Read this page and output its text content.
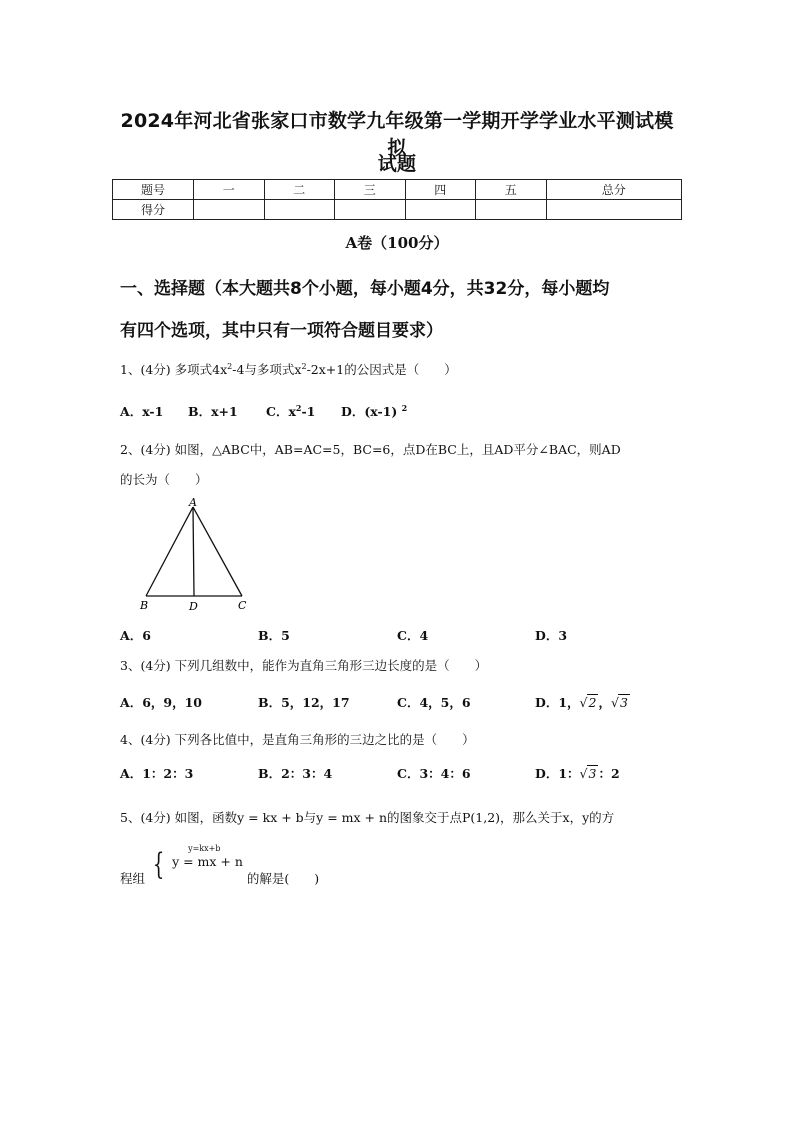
2024年河北省张家口市数学九年级第一学期开学学业水平测试模拟
试题
题号	一	二	三	四	五	总分
得分						
A卷（100分）
一、选择题（本大题共8个小题，每小题4分，共32分，每小题均
有四个选项，其中只有一项符合题目要求）
1、(4分) 多项式$4x^2-4$与多项式$x^2-2x+1$的公因式是（　　）
A．x-1 B．x+1 C．$x^2-1$ D．(x-1) $^2$
2、(4分) 如图，△ABC中，AB=AC=5，BC=6，点D在BC上，且AD平分∠BAC，则AD
的长为（　　）
A
B	D	C
A．6	B．5	C．4	D．3
3、(4分) 下列几组数中，能作为直角三角形三边长度的是（　　）
A．6，9，10	B．5，12，17	C．4，5，6	D．1，√2 ，√3
4、(4分) 下列各比值中，是直角三角形的三边之比的是（　　）
A．1：2：3	B．2：3：4	C．3：4：6	D．1：√3 ：2
5、(4分) 如图，函数y = kx + b与y = mx + n的图象交于点P(1,2)，那么关于x，y的方
程组 {	y=kx+b
y = mx + n
的解是(　　)
